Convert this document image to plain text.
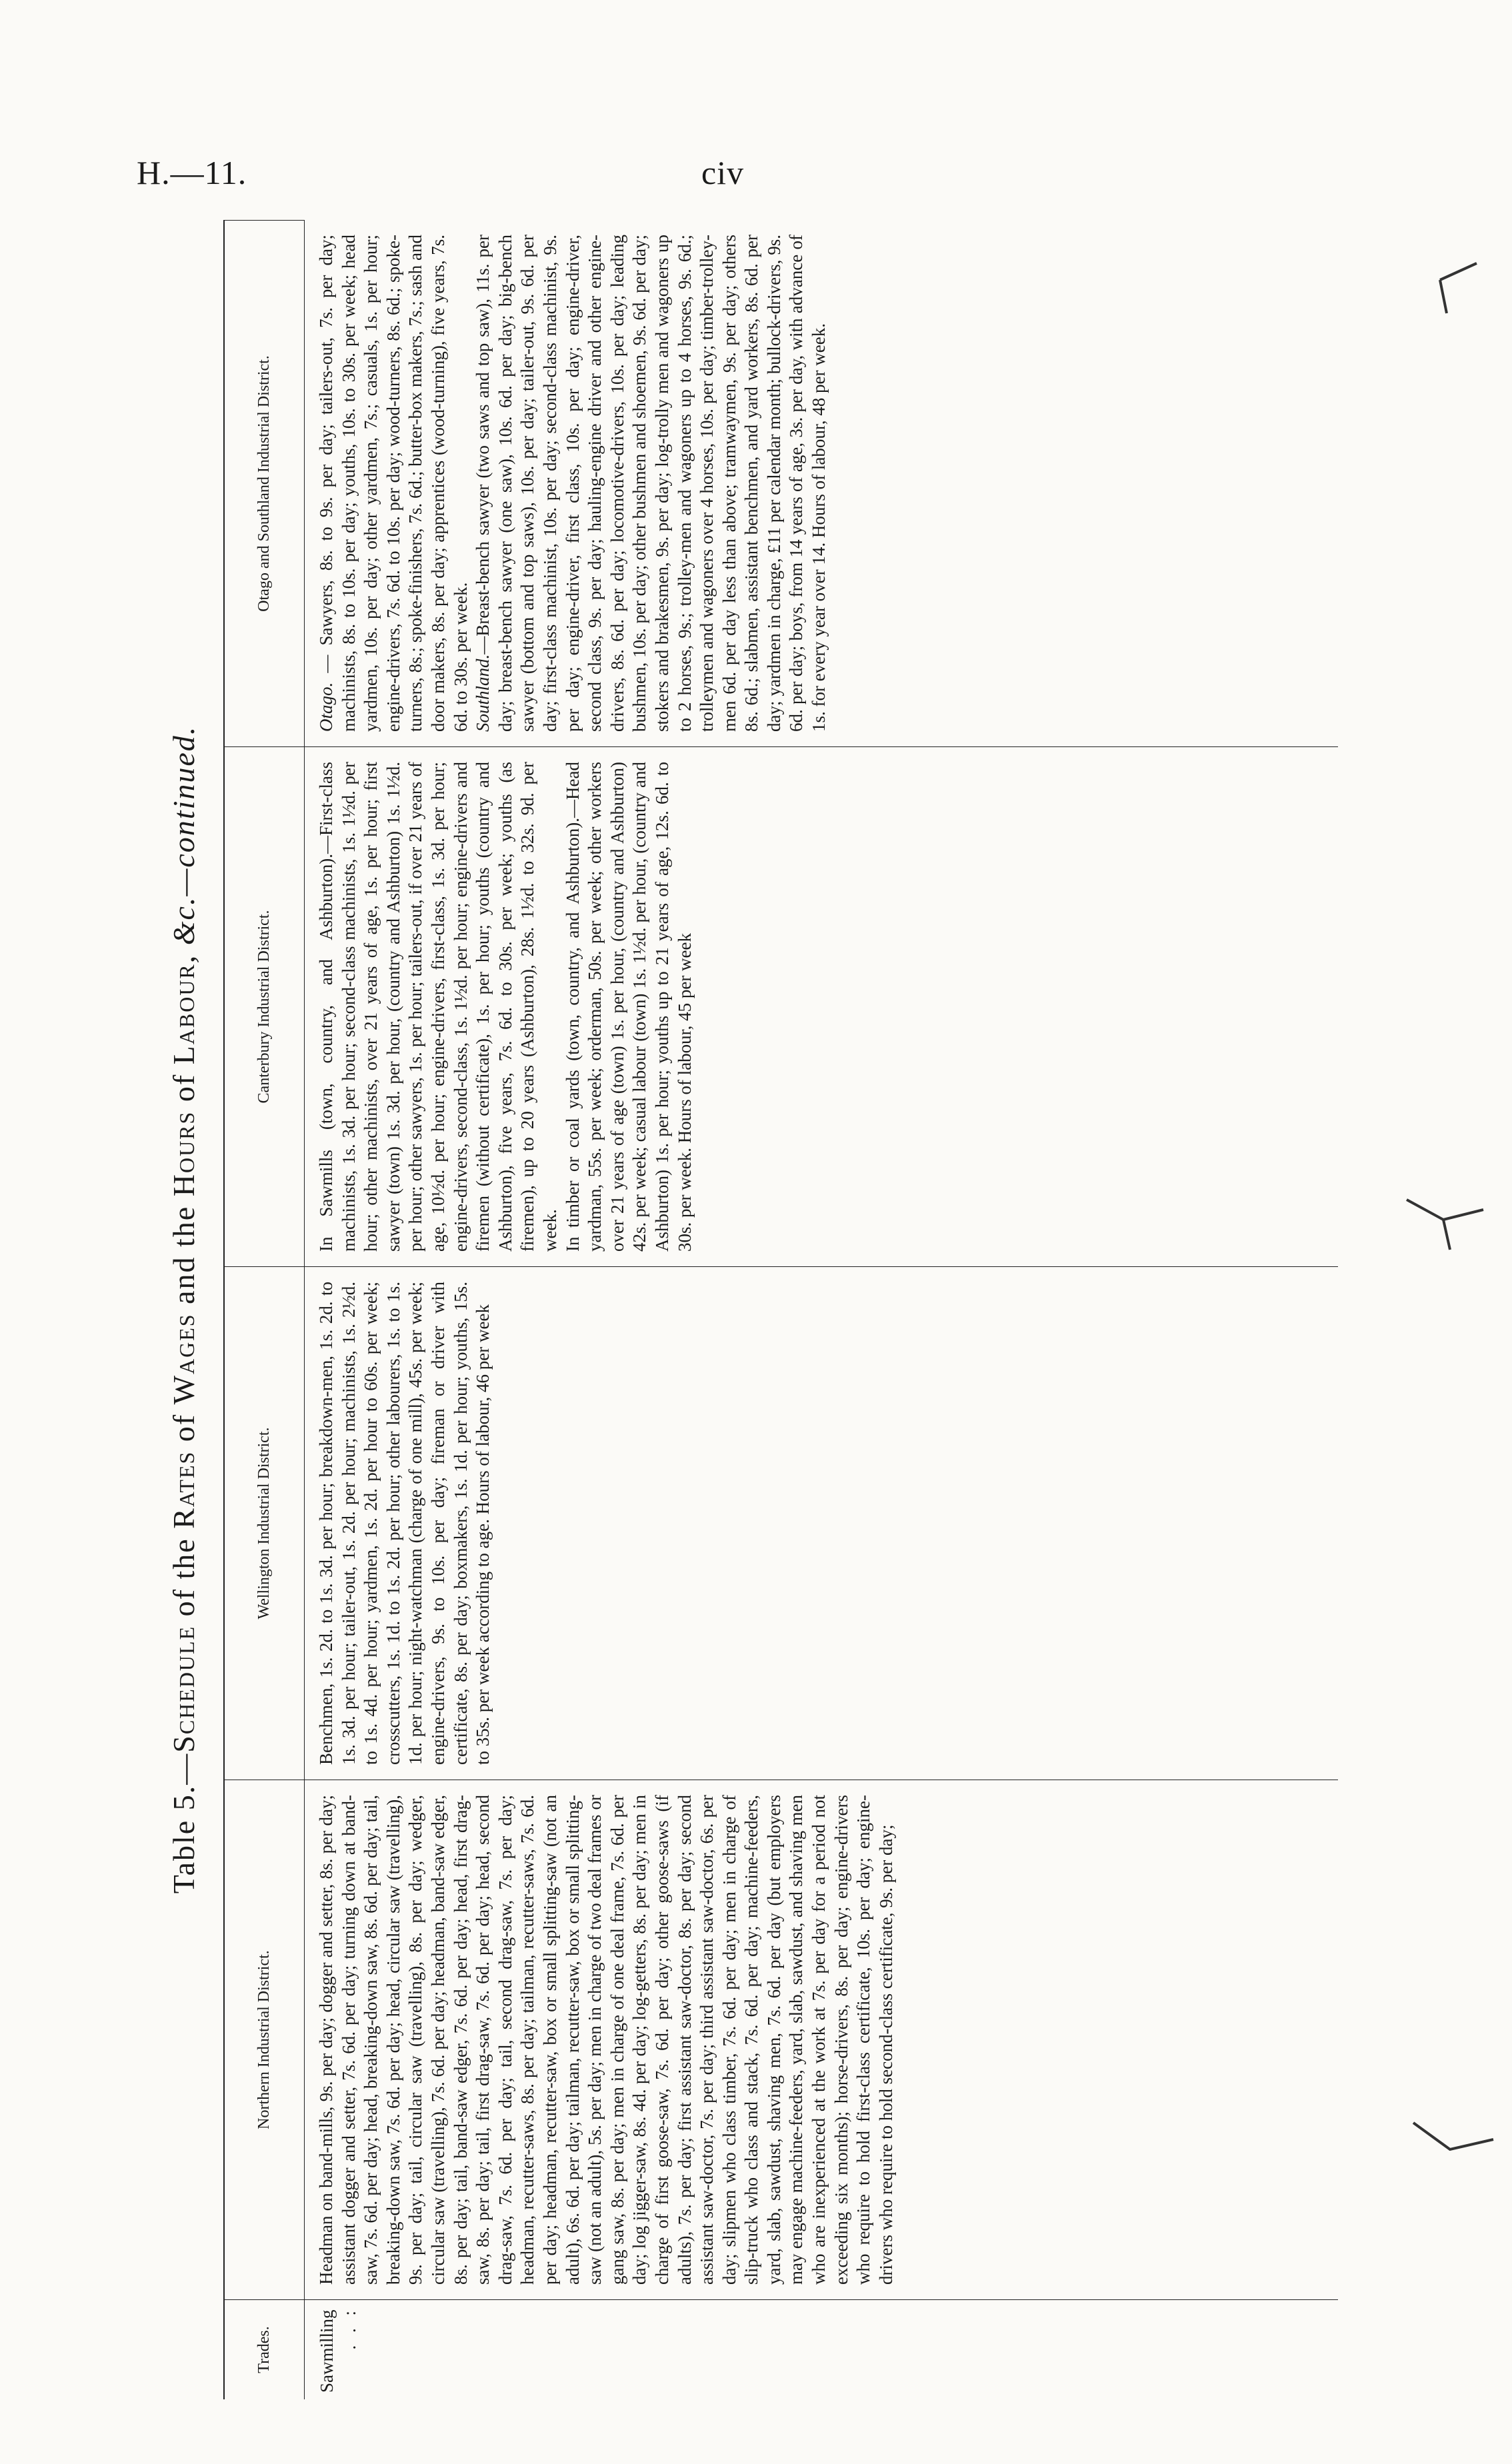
H.—11.	civ
Table 5.—
Schedule
of the
Rates
of
Wages
and the
Hours
of
Labour
, &c.—continued.
Trades.
Northern Industrial District.
Wellington Industrial District.
Canterbury Industrial District.
Otago and Southland Industrial District.
Sawmilling . . :

Headman on band-mills, 9s. per day; dogger and setter, 8s. per day; assistant dogger and setter, 7s. 6d. per day; turning down at band-saw, 7s. 6d. per day; head, breaking-down saw, 8s. 6d. per day; tail, breaking-down saw, 7s. 6d. per day; head, circular saw (travelling), 9s. per day; tail, circular saw (travelling), 8s. per day; wedger, circular saw (travelling), 7s. 6d. per day; headman, band-saw edger, 8s. per day; tail, band-saw edger, 7s. 6d. per day; head, first drag-saw, 8s. per day; tail, first drag-saw, 7s. 6d. per day; head, second drag-saw, 7s. 6d. per day; tail, second drag-saw, 7s. per day; headman, recutter-saws, 8s. per day; tailman, recutter-saws, 7s. 6d. per day; headman, recutter-saw, box or small splitting-saw (not an adult), 6s. 6d. per day; tailman, recutter-saw, box or small splitting-saw (not an adult), 5s. per day; men in charge of two deal frames or gang saw, 8s. per day; men in charge of one deal frame, 7s. 6d. per day; log jigger-saw, 8s. 4d. per day; log-getters, 8s. per day; men in charge of first goose-saw, 7s. 6d. per day; other goose-saws (if adults), 7s. per day; first assistant saw-doctor, 8s. per day; second assistant saw-doctor, 7s. per day; third assistant saw-doctor, 6s. per day; slipmen who class timber, 7s. 6d. per day; men in charge of slip-truck who class and stack, 7s. 6d. per day; machine-feeders, yard, slab, sawdust, shaving men, 7s. 6d. per day (but employers may engage machine-feeders, yard, slab, sawdust, and shaving men who are inexperienced at the work at 7s. per day for a period not exceeding six months); horse-drivers, 8s. per day; engine-drivers who require to hold first-class certificate, 10s. per day; engine-drivers who require to hold second-class certificate, 9s. per day;

Benchmen, 1s. 2d. to 1s. 3d. per hour; breakdown-men, 1s. 2d. to 1s. 3d. per hour; tailer-out, 1s. 2d. per hour; machinists, 1s. 2½d. to 1s. 4d. per hour; yardmen, 1s. 2d. per hour to 60s. per week; crosscutters, 1s. 1d. to 1s. 2d. per hour; other labourers, 1s. to 1s. 1d. per hour; night-watchman (charge of one mill), 45s. per week; engine-drivers, 9s. to 10s. per day; fireman or driver with certificate, 8s. per day; boxmakers, 1s. 1d. per hour; youths, 15s. to 35s. per week according to age. Hours of labour, 46 per week

In Sawmills (town, country, and Ashburton).—First-class machinists, 1s. 3d. per hour; second-class machinists, 1s. 1½d. per hour; other machinists, over 21 years of age, 1s. per hour; first sawyer (town) 1s. 3d. per hour, (country and Ashburton) 1s. 1½d. per hour; other sawyers, 1s. per hour; tailers-out, if over 21 years of age, 10½d. per hour; engine-drivers, first-class, 1s. 3d. per hour; engine-drivers, second-class, 1s. 1½d. per hour; engine-drivers and firemen (without certificate), 1s. per hour; youths (country and Ashburton), five years, 7s. 6d. to 30s. per week; youths (as firemen), up to 20 years (Ashburton), 28s. 1½d. to 32s. 9d. per week. In timber or coal yards (town, country, and Ashburton).—Head yardman, 55s. per week; orderman, 50s. per week; other workers over 21 years of age (town) 1s. per hour, (country and Ashburton) 42s. per week; casual labour (town) 1s. 1½d. per hour, (country and Ashburton) 1s. per hour; youths up to 21 years of age, 12s. 6d. to 30s. per week. Hours of labour, 45 per week

Otago. — Sawyers, 8s. to 9s. per day; tailers-out, 7s. per day; machinists, 8s. to 10s. per day; youths, 10s. to 30s. per week; head yardmen, 10s. per day; other yardmen, 7s.; casuals, 1s. per hour; engine-drivers, 7s. 6d. to 10s. per day; wood-turners, 8s. 6d.; spoke-turners, 8s.; spoke-finishers, 7s. 6d.; butter-box makers, 7s.; sash and door makers, 8s. per day; apprentices (wood-turning), five years, 7s. 6d. to 30s. per week. Southland.—Breast-bench sawyer (two saws and top saw), 11s. per day; breast-bench sawyer (one saw), 10s. 6d. per day; big-bench sawyer (bottom and top saws), 10s. per day; tailer-out, 9s. 6d. per day; first-class machinist, 10s. per day; second-class machinist, 9s. per day; engine-driver, first class, 10s. per day; engine-driver, second class, 9s. per day; hauling-engine driver and other engine-drivers, 8s. 6d. per day; locomotive-drivers, 10s. per day; leading bushmen, 10s. per day; other bushmen and shoemen, 9s. 6d. per day; stokers and brakesmen, 9s. per day; log-trolly men and wagoners up to 2 horses, 9s.; trolley-men and wagoners up to 4 horses, 9s. 6d.; trolleymen and wagoners over 4 horses, 10s. per day; timber-trolley-men 6d. per day less than above; tramwaymen, 9s. per day; others 8s. 6d.; slabmen, assistant benchmen, and yard workers, 8s. 6d. per day; yardmen in charge, £11 per calendar month; bullock-drivers, 9s. 6d. per day; boys, from 14 years of age, 3s. per day, with advance of 1s. for every year over 14. Hours of labour, 48 per week.
